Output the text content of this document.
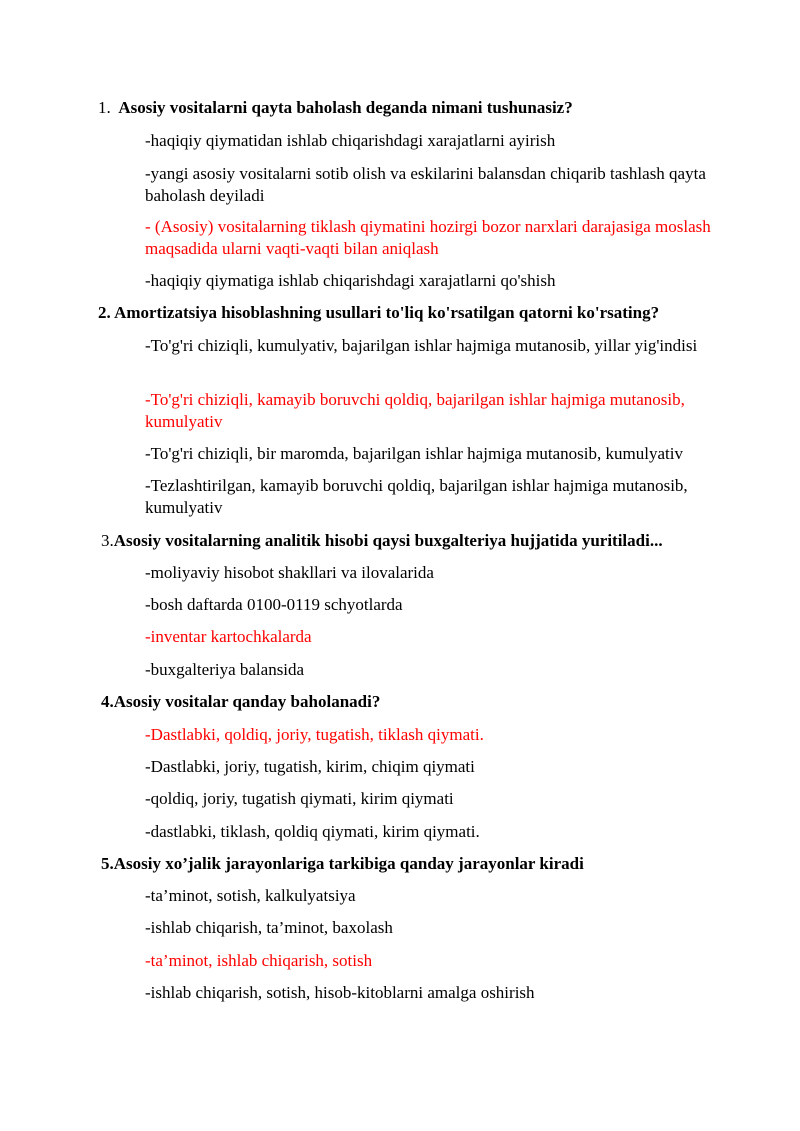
1. Asosiy vositalarni qayta baholash deganda nimani tushunasiz?
-haqiqiy qiymatidan ishlab chiqarishdagi xarajatlarni ayirish
-yangi asosiy vositalarni sotib olish va eskilarini balansdan chiqarib tashlash qayta baholash deyiladi
- (Asosiy) vositalarning tiklash qiymatini hozirgi bozor narxlari darajasiga moslash maqsadida ularni vaqti-vaqti bilan aniqlash
-haqiqiy qiymatiga ishlab chiqarishdagi xarajatlarni qo'shish
2. Amortizatsiya hisoblashning usullari to'liq ko'rsatilgan qatorni ko'rsating?
-To'g'ri chiziqli, kumulyativ, bajarilgan ishlar hajmiga mutanosib, yillar yig'indisi
-To'g'ri chiziqli, kamayib boruvchi qoldiq, bajarilgan ishlar hajmiga mutanosib, kumulyativ
-To'g'ri chiziqli, bir maromda, bajarilgan ishlar hajmiga mutanosib, kumulyativ
-Tezlashtirilgan, kamayib boruvchi qoldiq, bajarilgan ishlar hajmiga mutanosib, kumulyativ
3.Asosiy vositalarning analitik hisobi qaysi buxgalteriya hujjatida yuritiladi...
-moliyaviy hisobot shakllari va ilovalarida
-bosh daftarda 0100-0119 schyotlarda
-inventar kartochkalarda
-buxgalteriya balansida
4.Asosiy vositalar qanday baholanadi?
-Dastlabki, qoldiq, joriy, tugatish, tiklash qiymati.
-Dastlabki, joriy, tugatish, kirim, chiqim qiymati
-qoldiq, joriy, tugatish qiymati, kirim qiymati
-dastlabki, tiklash, qoldiq qiymati, kirim qiymati.
5.Asosiy xo’jalik jarayonlariga tarkibiga qanday jarayonlar kiradi
-ta’minot, sotish, kalkulyatsiya
-ishlab chiqarish, ta’minot, baxolash
-ta’minot, ishlab chiqarish, sotish
-ishlab chiqarish, sotish, hisob-kitoblarni amalga oshirish
